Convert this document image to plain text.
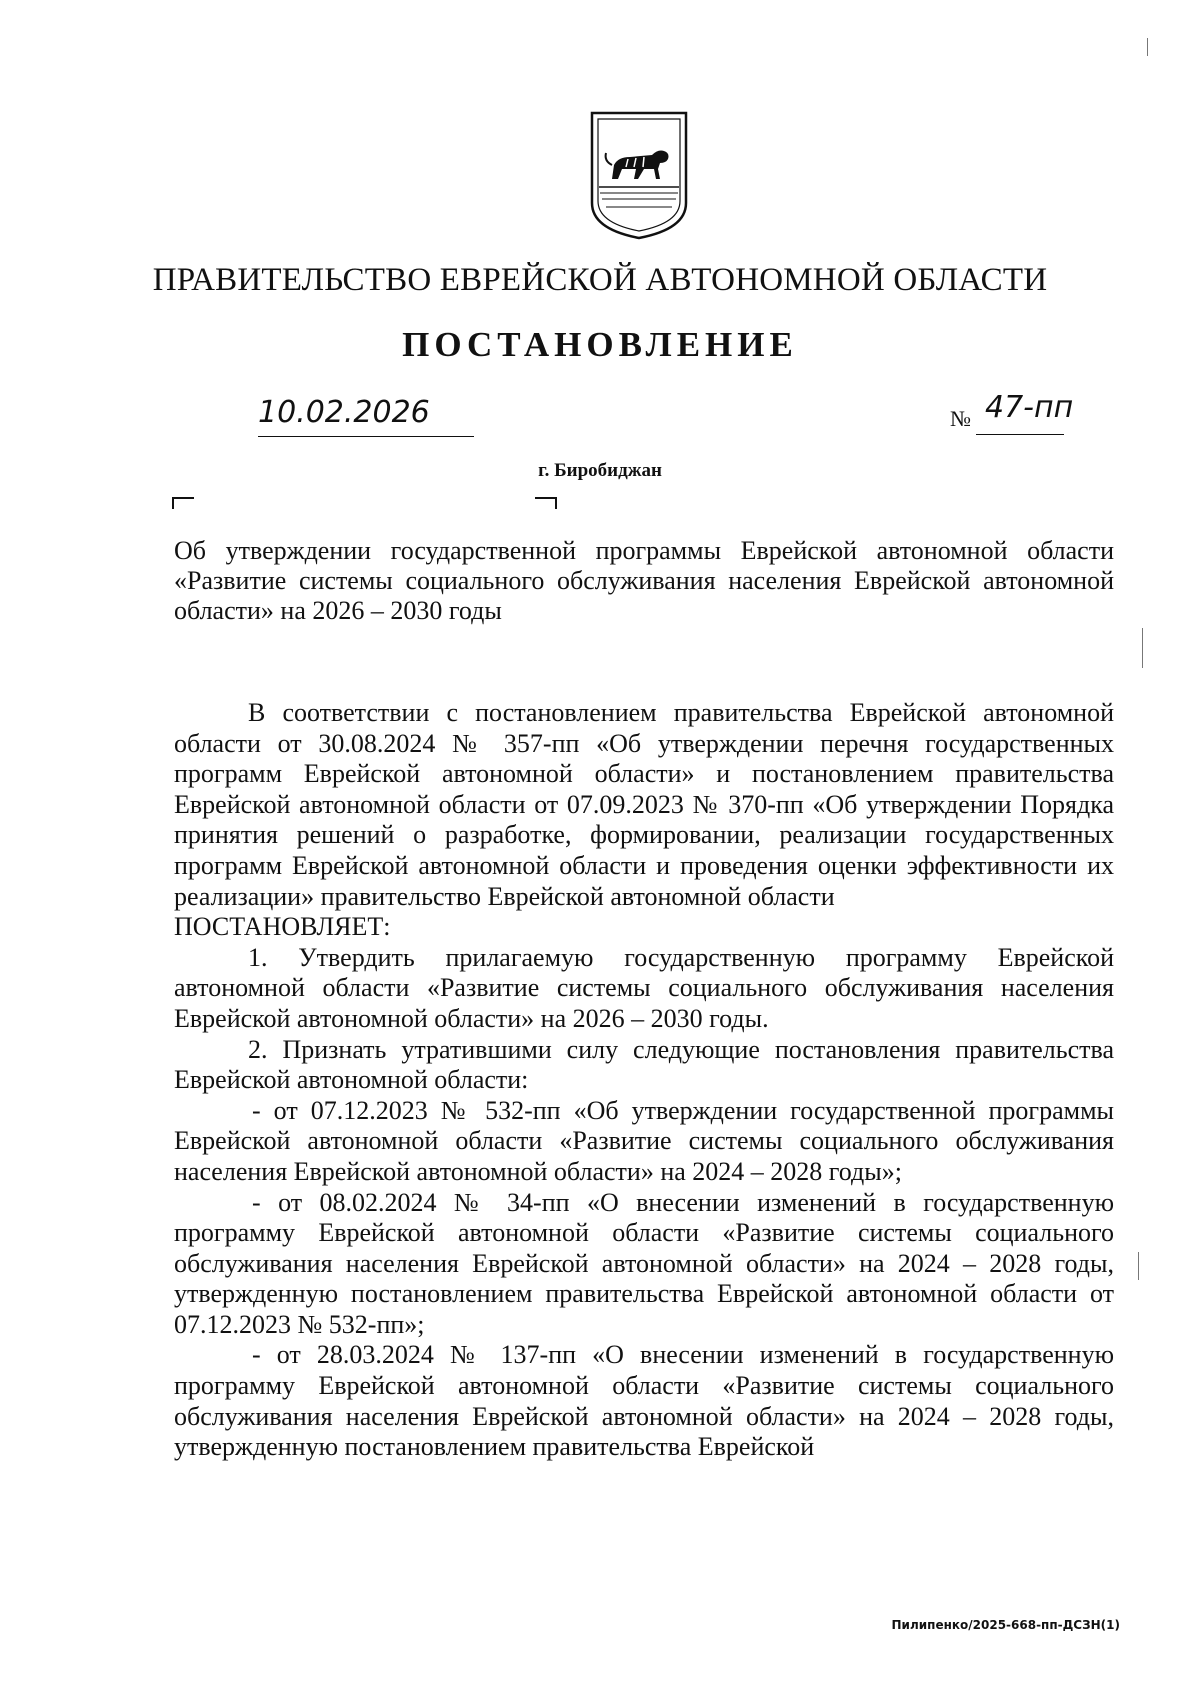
ПРАВИТЕЛЬСТВО ЕВРЕЙСКОЙ АВТОНОМНОЙ ОБЛАСТИ
ПОСТАНОВЛЕНИЕ
10.02.2026	№ 47-пп
г. Биробиджан
Об утверждении государственной программы Еврейской автономной области «Развитие системы социального обслуживания населения Еврейской автономной области» на 2026 – 2030 годы

В соответствии с постановлением правительства Еврейской автономной области от 30.08.2024 № 357-пп «Об утверждении перечня государственных программ Еврейской автономной области» и постановлением правительства Еврейской автономной области от 07.09.2023 № 370-пп «Об утверждении Порядка принятия решений о разработке, формировании, реализации государственных программ Еврейской автономной области и проведения оценки эффективности их реализации» правительство Еврейской автономной области

ПОСТАНОВЛЯЕТ:

1. Утвердить прилагаемую государственную программу Еврейской автономной области «Развитие системы социального обслуживания населения Еврейской автономной области» на 2026 – 2030 годы.

2. Признать утратившими силу следующие постановления правительства Еврейской автономной области:

- от 07.12.2023 № 532-пп «Об утверждении государственной программы Еврейской автономной области «Развитие системы социального обслуживания населения Еврейской автономной области» на 2024 – 2028 годы»;

- от 08.02.2024 № 34-пп «О внесении изменений в государственную программу Еврейской автономной области «Развитие системы социального обслуживания населения Еврейской автономной области» на 2024 – 2028 годы, утвержденную постановлением правительства Еврейской автономной области от 07.12.2023 № 532-пп»;

- от 28.03.2024 № 137-пп «О внесении изменений в государственную программу Еврейской автономной области «Развитие системы социального обслуживания населения Еврейской автономной области» на 2024 – 2028 годы, утвержденную постановлением правительства Еврейской

Пилипенко/2025-668-пп-ДСЗН(1)
